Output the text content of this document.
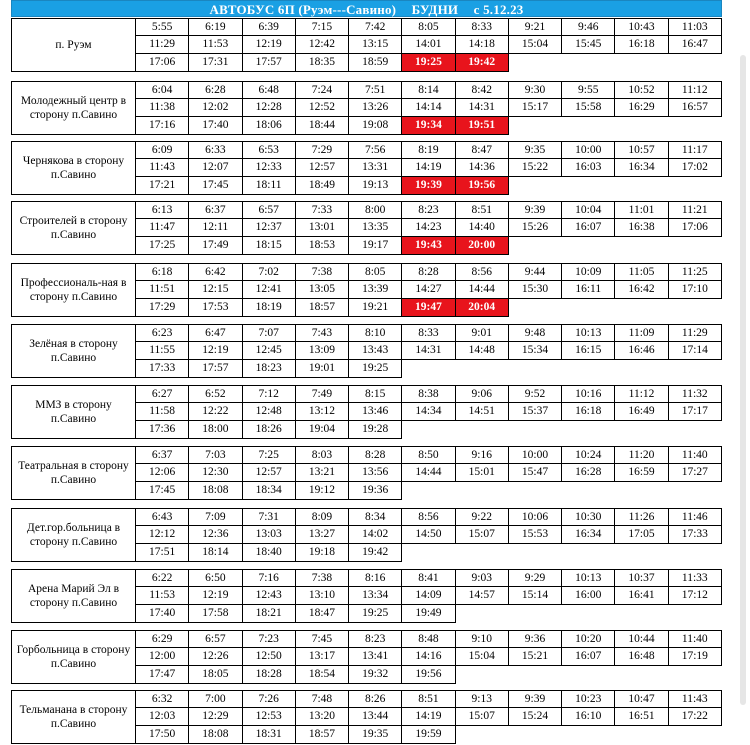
АВТОБУС 6П (Руэм---Савино) БУДНИ с 5.12.23
п. Руэм
5:55	6:19	6:39	7:15	7:42	8:05	8:33	9:21	9:46	10:43	11:03
11:29	11:53	12:19	12:42	13:15	14:01	14:18	15:04	15:45	16:18	16:47
17:06	17:31	17:57	18:35	18:59	19:25	19:42
Молодежный центр в сторону п.Савино
6:04	6:28	6:48	7:24	7:51	8:14	8:42	9:30	9:55	10:52	11:12
11:38	12:02	12:28	12:52	13:26	14:14	14:31	15:17	15:58	16:29	16:57
17:16	17:40	18:06	18:44	19:08	19:34	19:51
Чернякова в сторону п.Савино
6:09	6:33	6:53	7:29	7:56	8:19	8:47	9:35	10:00	10:57	11:17
11:43	12:07	12:33	12:57	13:31	14:19	14:36	15:22	16:03	16:34	17:02
17:21	17:45	18:11	18:49	19:13	19:39	19:56
Строителей в сторону п.Савино
6:13	6:37	6:57	7:33	8:00	8:23	8:51	9:39	10:04	11:01	11:21
11:47	12:11	12:37	13:01	13:35	14:23	14:40	15:26	16:07	16:38	17:06
17:25	17:49	18:15	18:53	19:17	19:43	20:00
Профессиональ-ная в сторону п.Савино
6:18	6:42	7:02	7:38	8:05	8:28	8:56	9:44	10:09	11:05	11:25
11:51	12:15	12:41	13:05	13:39	14:27	14:44	15:30	16:11	16:42	17:10
17:29	17:53	18:19	18:57	19:21	19:47	20:04
Зелёная в сторону п.Савино
6:23	6:47	7:07	7:43	8:10	8:33	9:01	9:48	10:13	11:09	11:29
11:55	12:19	12:45	13:09	13:43	14:31	14:48	15:34	16:15	16:46	17:14
17:33	17:57	18:23	19:01	19:25
ММЗ в сторону п.Савино
6:27	6:52	7:12	7:49	8:15	8:38	9:06	9:52	10:16	11:12	11:32
11:58	12:22	12:48	13:12	13:46	14:34	14:51	15:37	16:18	16:49	17:17
17:36	18:00	18:26	19:04	19:28
Театральная в сторону п.Савино
6:37	7:03	7:25	8:03	8:28	8:50	9:16	10:00	10:24	11:20	11:40
12:06	12:30	12:57	13:21	13:56	14:44	15:01	15:47	16:28	16:59	17:27
17:45	18:08	18:34	19:12	19:36
Дет.гор.больница в сторону п.Савино
6:43	7:09	7:31	8:09	8:34	8:56	9:22	10:06	10:30	11:26	11:46
12:12	12:36	13:03	13:27	14:02	14:50	15:07	15:53	16:34	17:05	17:33
17:51	18:14	18:40	19:18	19:42
Арена Марий Эл в сторону п.Савино
6:22	6:50	7:16	7:38	8:16	8:41	9:03	9:29	10:13	10:37	11:33
11:53	12:19	12:43	13:10	13:34	14:09	14:57	15:14	16:00	16:41	17:12
17:40	17:58	18:21	18:47	19:25	19:49
Горбольница в сторону п.Савино
6:29	6:57	7:23	7:45	8:23	8:48	9:10	9:36	10:20	10:44	11:40
12:00	12:26	12:50	13:17	13:41	14:16	15:04	15:21	16:07	16:48	17:19
17:47	18:05	18:28	18:54	19:32	19:56
Тельманана в сторону п.Савино
6:32	7:00	7:26	7:48	8:26	8:51	9:13	9:39	10:23	10:47	11:43
12:03	12:29	12:53	13:20	13:44	14:19	15:07	15:24	16:10	16:51	17:22
17:50	18:08	18:31	18:57	19:35	19:59
